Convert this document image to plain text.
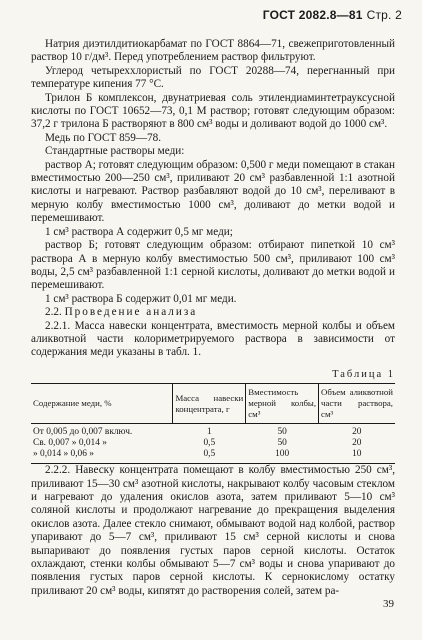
ГОСТ 2082.8—81 Стр. 2

Натрия диэтилдитиокарбамат по ГОСТ 8864—71, свежеприготовленный раствор 10 г/дм³. Перед употреблением раствор фильтруют.

Углерод четыреххлористый по ГОСТ 20288—74, перегнанный при температуре кипения 77 °С.

Трилон Б комплексон, двунатриевая соль этилендиаминтетрауксусной кислоты по ГОСТ 10652—73, 0,1 М раствор; готовят следующим образом: 37,2 г трилона Б растворяют в 800 см³ воды и доливают водой до 1000 см³.

Медь по ГОСТ 859—78.

Стандартные растворы меди:

раствор А; готовят следующим образом: 0,500 г меди помещают в стакан вместимостью 200—250 см³, приливают 20 см³ разбавленной 1:1 азотной кислоты и нагревают. Раствор разбавляют водой до 10 см³, переливают в мерную колбу вместимостью 1000 см³, доливают до метки водой и перемешивают.

1 см³ раствора А содержит 0,5 мг меди;

раствор Б; готовят следующим образом: отбирают пипеткой 10 см³ раствора А в мерную колбу вместимостью 500 см³, приливают 100 см³ воды, 2,5 см³ разбавленной 1:1 серной кислоты, доливают до метки водой и перемешивают.

1 см³ раствора Б содержит 0,01 мг меди.

2.2. Проведение анализа

2.2.1. Масса навески концентрата, вместимость мерной колбы и объем аликвотной части колориметрируемого раствора в зависимости от содержания меди указаны в табл. 1.

Таблица 1
Содержание меди, %	Масса навески концентрата, г	Вместимость мерной колбы, см³	Объем аликвотной части раствора, см³
От 0,005 до 0,007 включ.	1	50	20
Св. 0,007 » 0,014 »	0,5	50	20
» 0,014 » 0,06 »	0,5	100	10

2.2.2. Навеску концентрата помещают в колбу вместимостью 250 см³, приливают 15—30 см³ азотной кислоты, накрывают колбу часовым стеклом и нагревают до удаления окислов азота, затем приливают 5—10 см³ соляной кислоты и продолжают нагревание до прекращения выделения окислов азота. Далее стекло снимают, обмывают водой над колбой, раствор упаривают до 5—7 см³, приливают 15 см³ серной кислоты и снова выпаривают до появления густых паров серной кислоты. Остаток охлаждают, стенки колбы обмывают 5—7 см³ воды и снова упаривают до появления густых паров серной кислоты. К сернокислому остатку приливают 20 см³ воды, кипятят до растворения солей, затем ра-

39
